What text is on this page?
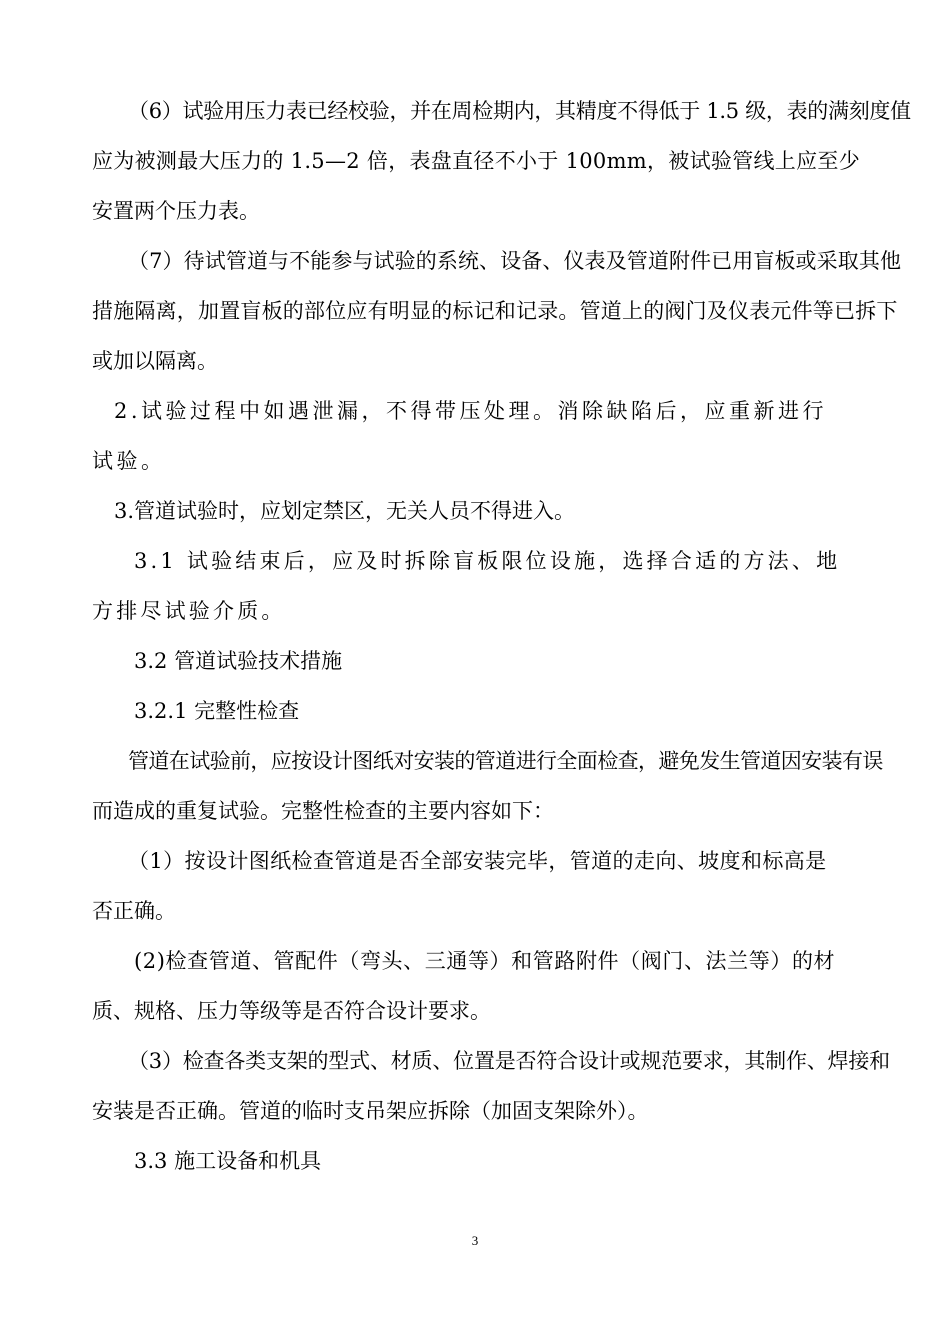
（6）试验用压力表已经校验，并在周检期内，其精度不得低于 1.5 级，表的满刻度值
应为被测最大压力的 1.5—2 倍，表盘直径不小于 100mm，被试验管线上应至少
安置两个压力表。
（7）待试管道与不能参与试验的系统、设备、仪表及管道附件已用盲板或采取其他
措施隔离，加置盲板的部位应有明显的标记和记录。管道上的阀门及仪表元件等已拆下
或加以隔离。
2.试验过程中如遇泄漏，不得带压处理。消除缺陷后，应重新进行
试验。
3.管道试验时，应划定禁区，无关人员不得进入。
3.1 试验结束后，应及时拆除盲板限位设施，选择合适的方法、地
方排尽试验介质。
3.2 管道试验技术措施
3.2.1 完整性检查
管道在试验前，应按设计图纸对安装的管道进行全面检查，避免发生管道因安装有误
而造成的重复试验。完整性检查的主要内容如下：
（1）按设计图纸检查管道是否全部安装完毕，管道的走向、坡度和标高是
否正确。
(2)检查管道、管配件（弯头、三通等）和管路附件（阀门、法兰等）的材
质、规格、压力等级等是否符合设计要求。
（3）检查各类支架的型式、材质、位置是否符合设计或规范要求，其制作、焊接和
安装是否正确。管道的临时支吊架应拆除（加固支架除外）。
3.3 施工设备和机具
3
